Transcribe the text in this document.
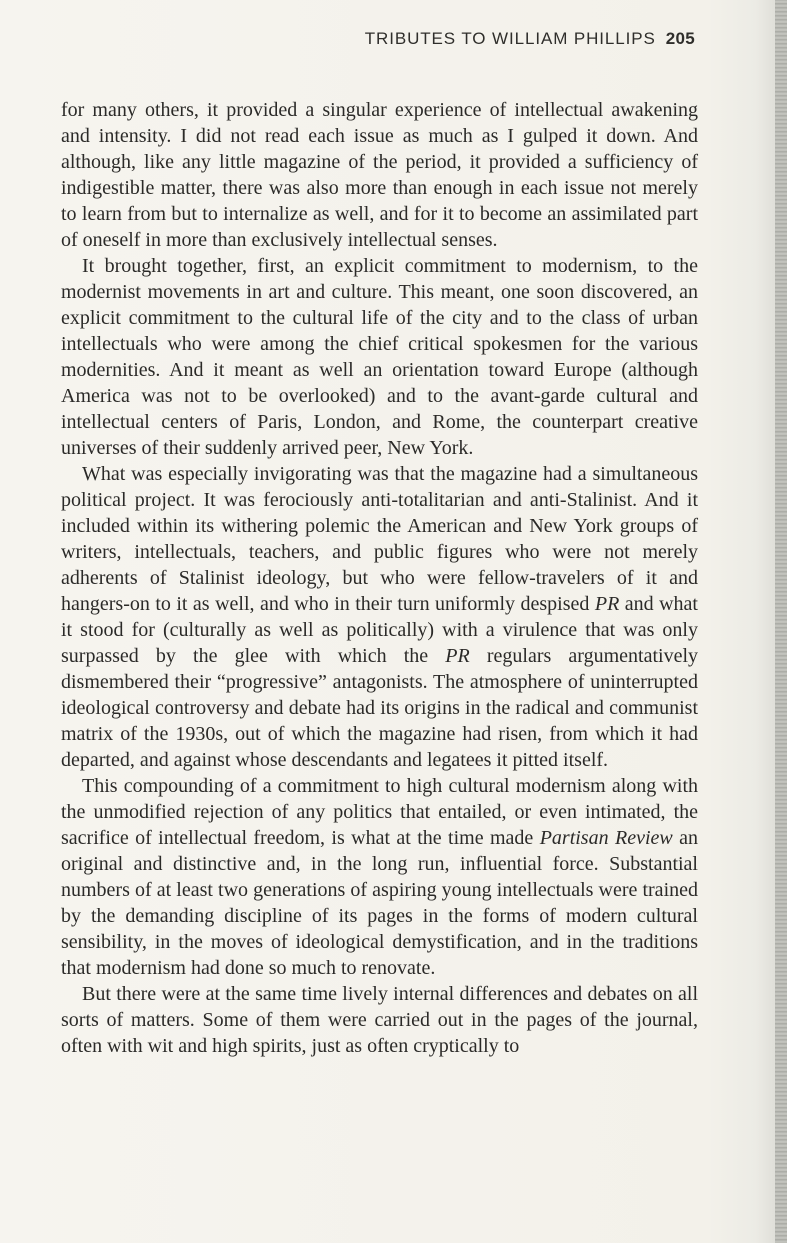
TRIBUTES TO WILLIAM PHILLIPS 205

for many others, it provided a singular experience of intellectual awakening and intensity. I did not read each issue as much as I gulped it down. And although, like any little magazine of the period, it provided a sufficiency of indigestible matter, there was also more than enough in each issue not merely to learn from but to internalize as well, and for it to become an assimilated part of oneself in more than exclusively intellectual senses.

It brought together, first, an explicit commitment to modernism, to the modernist movements in art and culture. This meant, one soon discovered, an explicit commitment to the cultural life of the city and to the class of urban intellectuals who were among the chief critical spokesmen for the various modernities. And it meant as well an orientation toward Europe (although America was not to be overlooked) and to the avant-garde cultural and intellectual centers of Paris, London, and Rome, the counterpart creative universes of their suddenly arrived peer, New York.

What was especially invigorating was that the magazine had a simultaneous political project. It was ferociously anti-totalitarian and anti-Stalinist. And it included within its withering polemic the American and New York groups of writers, intellectuals, teachers, and public figures who were not merely adherents of Stalinist ideology, but who were fellow-travelers of it and hangers-on to it as well, and who in their turn uniformly despised PR and what it stood for (culturally as well as politically) with a virulence that was only surpassed by the glee with which the PR regulars argumentatively dismembered their “progressive” antagonists. The atmosphere of uninterrupted ideological controversy and debate had its origins in the radical and communist matrix of the 1930s, out of which the magazine had risen, from which it had departed, and against whose descendants and legatees it pitted itself.

This compounding of a commitment to high cultural modernism along with the unmodified rejection of any politics that entailed, or even intimated, the sacrifice of intellectual freedom, is what at the time made Partisan Review an original and distinctive and, in the long run, influential force. Substantial numbers of at least two generations of aspiring young intellectuals were trained by the demanding discipline of its pages in the forms of modern cultural sensibility, in the moves of ideological demystification, and in the traditions that modernism had done so much to renovate.

But there were at the same time lively internal differences and debates on all sorts of matters. Some of them were carried out in the pages of the journal, often with wit and high spirits, just as often cryptically to
